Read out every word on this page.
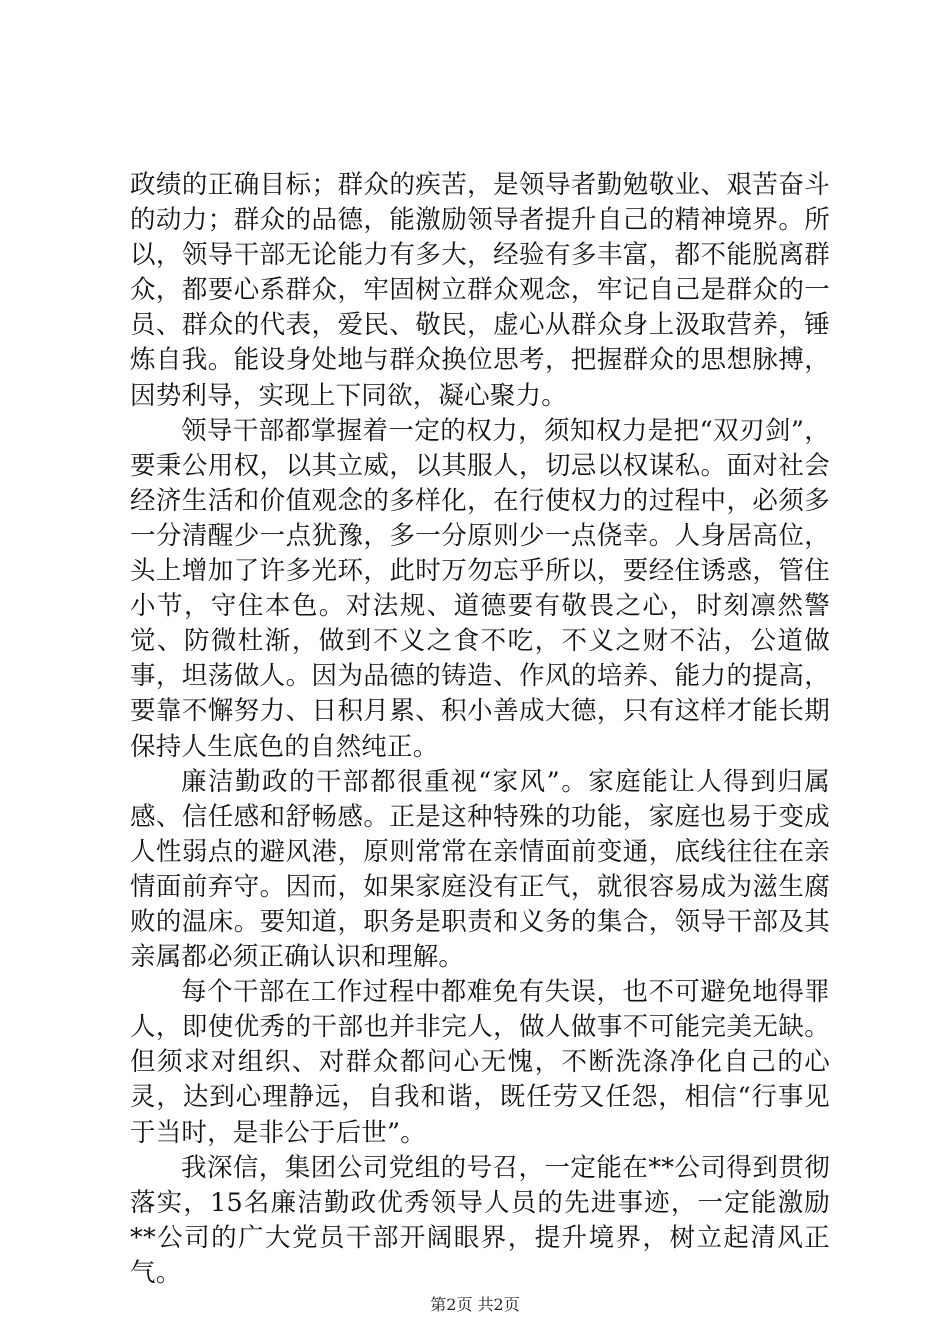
政绩的正确目标；群众的疾苦，是领导者勤勉敬业、艰苦奋斗的动力；群众的品德，能激励领导者提升自己的精神境界。所以，领导干部无论能力有多大，经验有多丰富，都不能脱离群众，都要心系群众，牢固树立群众观念，牢记自己是群众的一员、群众的代表，爱民、敬民，虚心从群众身上汲取营养，锤炼自我。能设身处地与群众换位思考，把握群众的思想脉搏，因势利导，实现上下同欲，凝心聚力。

领导干部都掌握着一定的权力，须知权力是把“双刃剑”，要秉公用权，以其立威，以其服人，切忌以权谋私。面对社会经济生活和价值观念的多样化，在行使权力的过程中，必须多一分清醒少一点犹豫，多一分原则少一点侥幸。人身居高位，头上增加了许多光环，此时万勿忘乎所以，要经住诱惑，管住小节，守住本色。对法规、道德要有敬畏之心，时刻凛然警觉、防微杜渐，做到不义之食不吃，不义之财不沾，公道做事，坦荡做人。因为品德的铸造、作风的培养、能力的提高，要靠不懈努力、日积月累、积小善成大德，只有这样才能长期保持人生底色的自然纯正。

廉洁勤政的干部都很重视“家风”。家庭能让人得到归属感、信任感和舒畅感。正是这种特殊的功能，家庭也易于变成人性弱点的避风港，原则常常在亲情面前变通，底线往往在亲情面前弃守。因而，如果家庭没有正气，就很容易成为滋生腐败的温床。要知道，职务是职责和义务的集合，领导干部及其亲属都必须正确认识和理解。

每个干部在工作过程中都难免有失误，也不可避免地得罪人，即使优秀的干部也并非完人，做人做事不可能完美无缺。但须求对组织、对群众都问心无愧，不断洗涤净化自己的心灵，达到心理静远，自我和谐，既任劳又任怨，相信“行事见于当时，是非公于后世”。

我深信，集团公司党组的号召，一定能在**公司得到贯彻落实，15名廉洁勤政优秀领导人员的先进事迹，一定能激励**公司的广大党员干部开阔眼界，提升境界，树立起清风正气。

第2页 共2页
